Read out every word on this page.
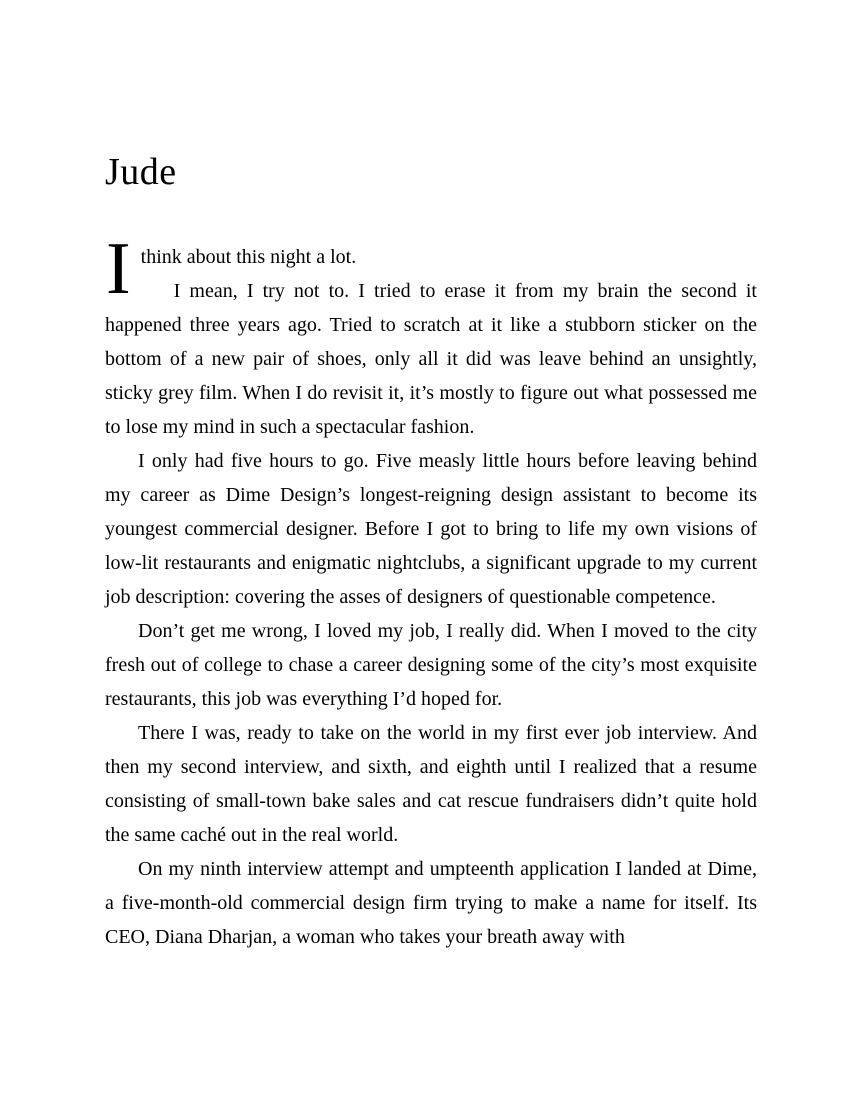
Jude

Ithink about this night a lot.

I mean, I try not to. I tried to erase it from my brain the second it happened three years ago. Tried to scratch at it like a stubborn sticker on the bottom of a new pair of shoes, only all it did was leave behind an unsightly, sticky grey film. When I do revisit it, it’s mostly to figure out what possessed me to lose my mind in such a spectacular fashion.

I only had five hours to go. Five measly little hours before leaving behind my career as Dime Design’s longest-reigning design assistant to become its youngest commercial designer. Before I got to bring to life my own visions of low-lit restaurants and enigmatic nightclubs, a significant upgrade to my current job description: covering the asses of designers of questionable competence.

Don’t get me wrong, I loved my job, I really did. When I moved to the city fresh out of college to chase a career designing some of the city’s most exquisite restaurants, this job was everything I’d hoped for.

There I was, ready to take on the world in my first ever job interview. And then my second interview, and sixth, and eighth until I realized that a resume consisting of small-town bake sales and cat rescue fundraisers didn’t quite hold the same caché out in the real world.

On my ninth interview attempt and umpteenth application I landed at Dime, a five-month-old commercial design firm trying to make a name for itself. Its CEO, Diana Dharjan, a woman who takes your breath away with
